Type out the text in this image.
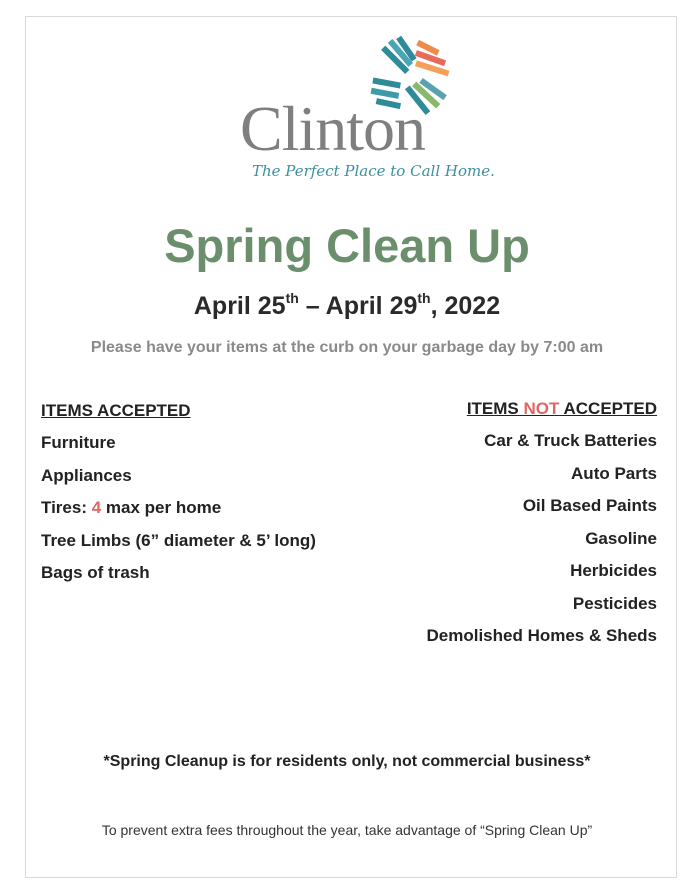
Clinton
The Perfect Place to Call Home.
Spring Clean Up
April 25th – April 29th, 2022
Please have your items at the curb on your garbage day by 7:00 am
ITEMS ACCEPTED
Furniture
Appliances
Tires: 4 max per home
Tree Limbs (6” diameter & 5’ long)
Bags of trash
ITEMS NOT ACCEPTED
Car & Truck Batteries
Auto Parts
Oil Based Paints
Gasoline
Herbicides
Pesticides
Demolished Homes & Sheds
*Spring Cleanup is for residents only, not commercial business*
To prevent extra fees throughout the year, take advantage of “Spring Clean Up”
